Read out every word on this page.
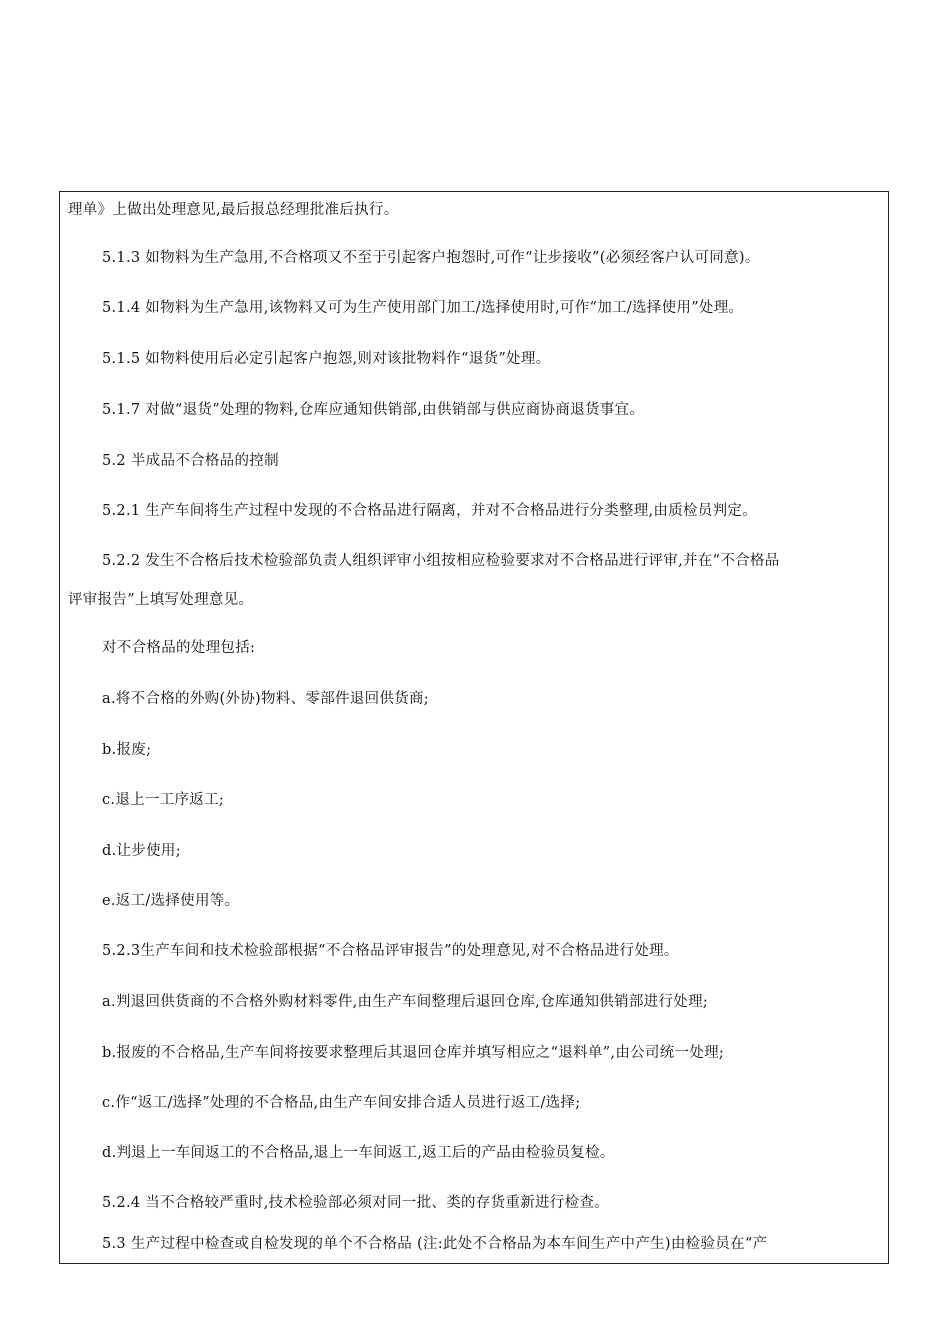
理单》上做出处理意见,最后报总经理批准后执行。
5.1.3 如物料为生产急用,不合格项又不至于引起客户抱怨时,可作“让步接收”(必须经客户认可同意)。
5.1.4 如物料为生产急用,该物料又可为生产使用部门加工/选择使用时,可作“加工/选择使用”处理。
5.1.5 如物料使用后必定引起客户抱怨,则对该批物料作“退货”处理。
5.1.7 对做“退货”处理的物料,仓库应通知供销部,由供销部与供应商协商退货事宜。
5.2 半成品不合格品的控制
5.2.1 生产车间将生产过程中发现的不合格品进行隔离，并对不合格品进行分类整理,由质检员判定。
5.2.2 发生不合格后技术检验部负责人组织评审小组按相应检验要求对不合格品进行评审,并在“不合格品
评审报告”上填写处理意见。
对不合格品的处理包括:
a.将不合格的外购(外协)物料、零部件退回供货商;
b.报废;
c.退上一工序返工;
d.让步使用;
e.返工/选择使用等。
5.2.3生产车间和技术检验部根据“不合格品评审报告”的处理意见,对不合格品进行处理。
a.判退回供货商的不合格外购材料零件,由生产车间整理后退回仓库,仓库通知供销部进行处理;
b.报废的不合格品,生产车间将按要求整理后其退回仓库并填写相应之“退料单”,由公司统一处理;
c.作“返工/选择”处理的不合格品,由生产车间安排合适人员进行返工/选择;
d.判退上一车间返工的不合格品,退上一车间返工,返工后的产品由检验员复检。
5.2.4 当不合格较严重时,技术检验部必须对同一批、类的存货重新进行检查。
5.3 生产过程中检查或自检发现的单个不合格品 (注:此处不合格品为本车间生产中产生)由检验员在“产
